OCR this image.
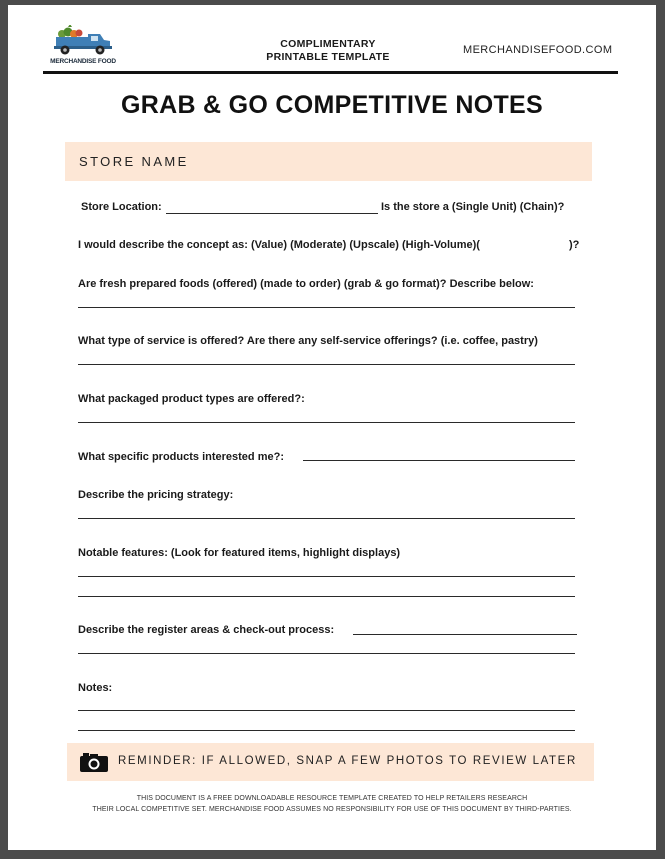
MERCHANDISE FOOD
COMPLIMENTARY
PRINTABLE TEMPLATE
MERCHANDISEFOOD.COM
GRAB & GO COMPETITIVE NOTES
STORE NAME
Store Location:	Is the store a (Single Unit) (Chain)?
I would describe the concept as: (Value) (Moderate) (Upscale) (High-Volume)(	)?
Are fresh prepared foods (offered) (made to order) (grab & go format)? Describe below:
What type of service is offered? Are there any self-service offerings? (i.e. coffee, pastry)
What packaged product types are offered?:
What specific products interested me?:
Describe the pricing strategy:
Notable features: (Look for featured items, highlight displays)
Describe the register areas & check-out process:
Notes:
REMINDER: IF ALLOWED, SNAP A FEW PHOTOS TO REVIEW LATER
THIS DOCUMENT IS A FREE DOWNLOADABLE RESOURCE TEMPLATE CREATED TO HELP RETAILERS RESEARCH
THEIR LOCAL COMPETITIVE SET. MERCHANDISE FOOD ASSUMES NO RESPONSIBILITY FOR USE OF THIS DOCUMENT BY THIRD-PARTIES.
